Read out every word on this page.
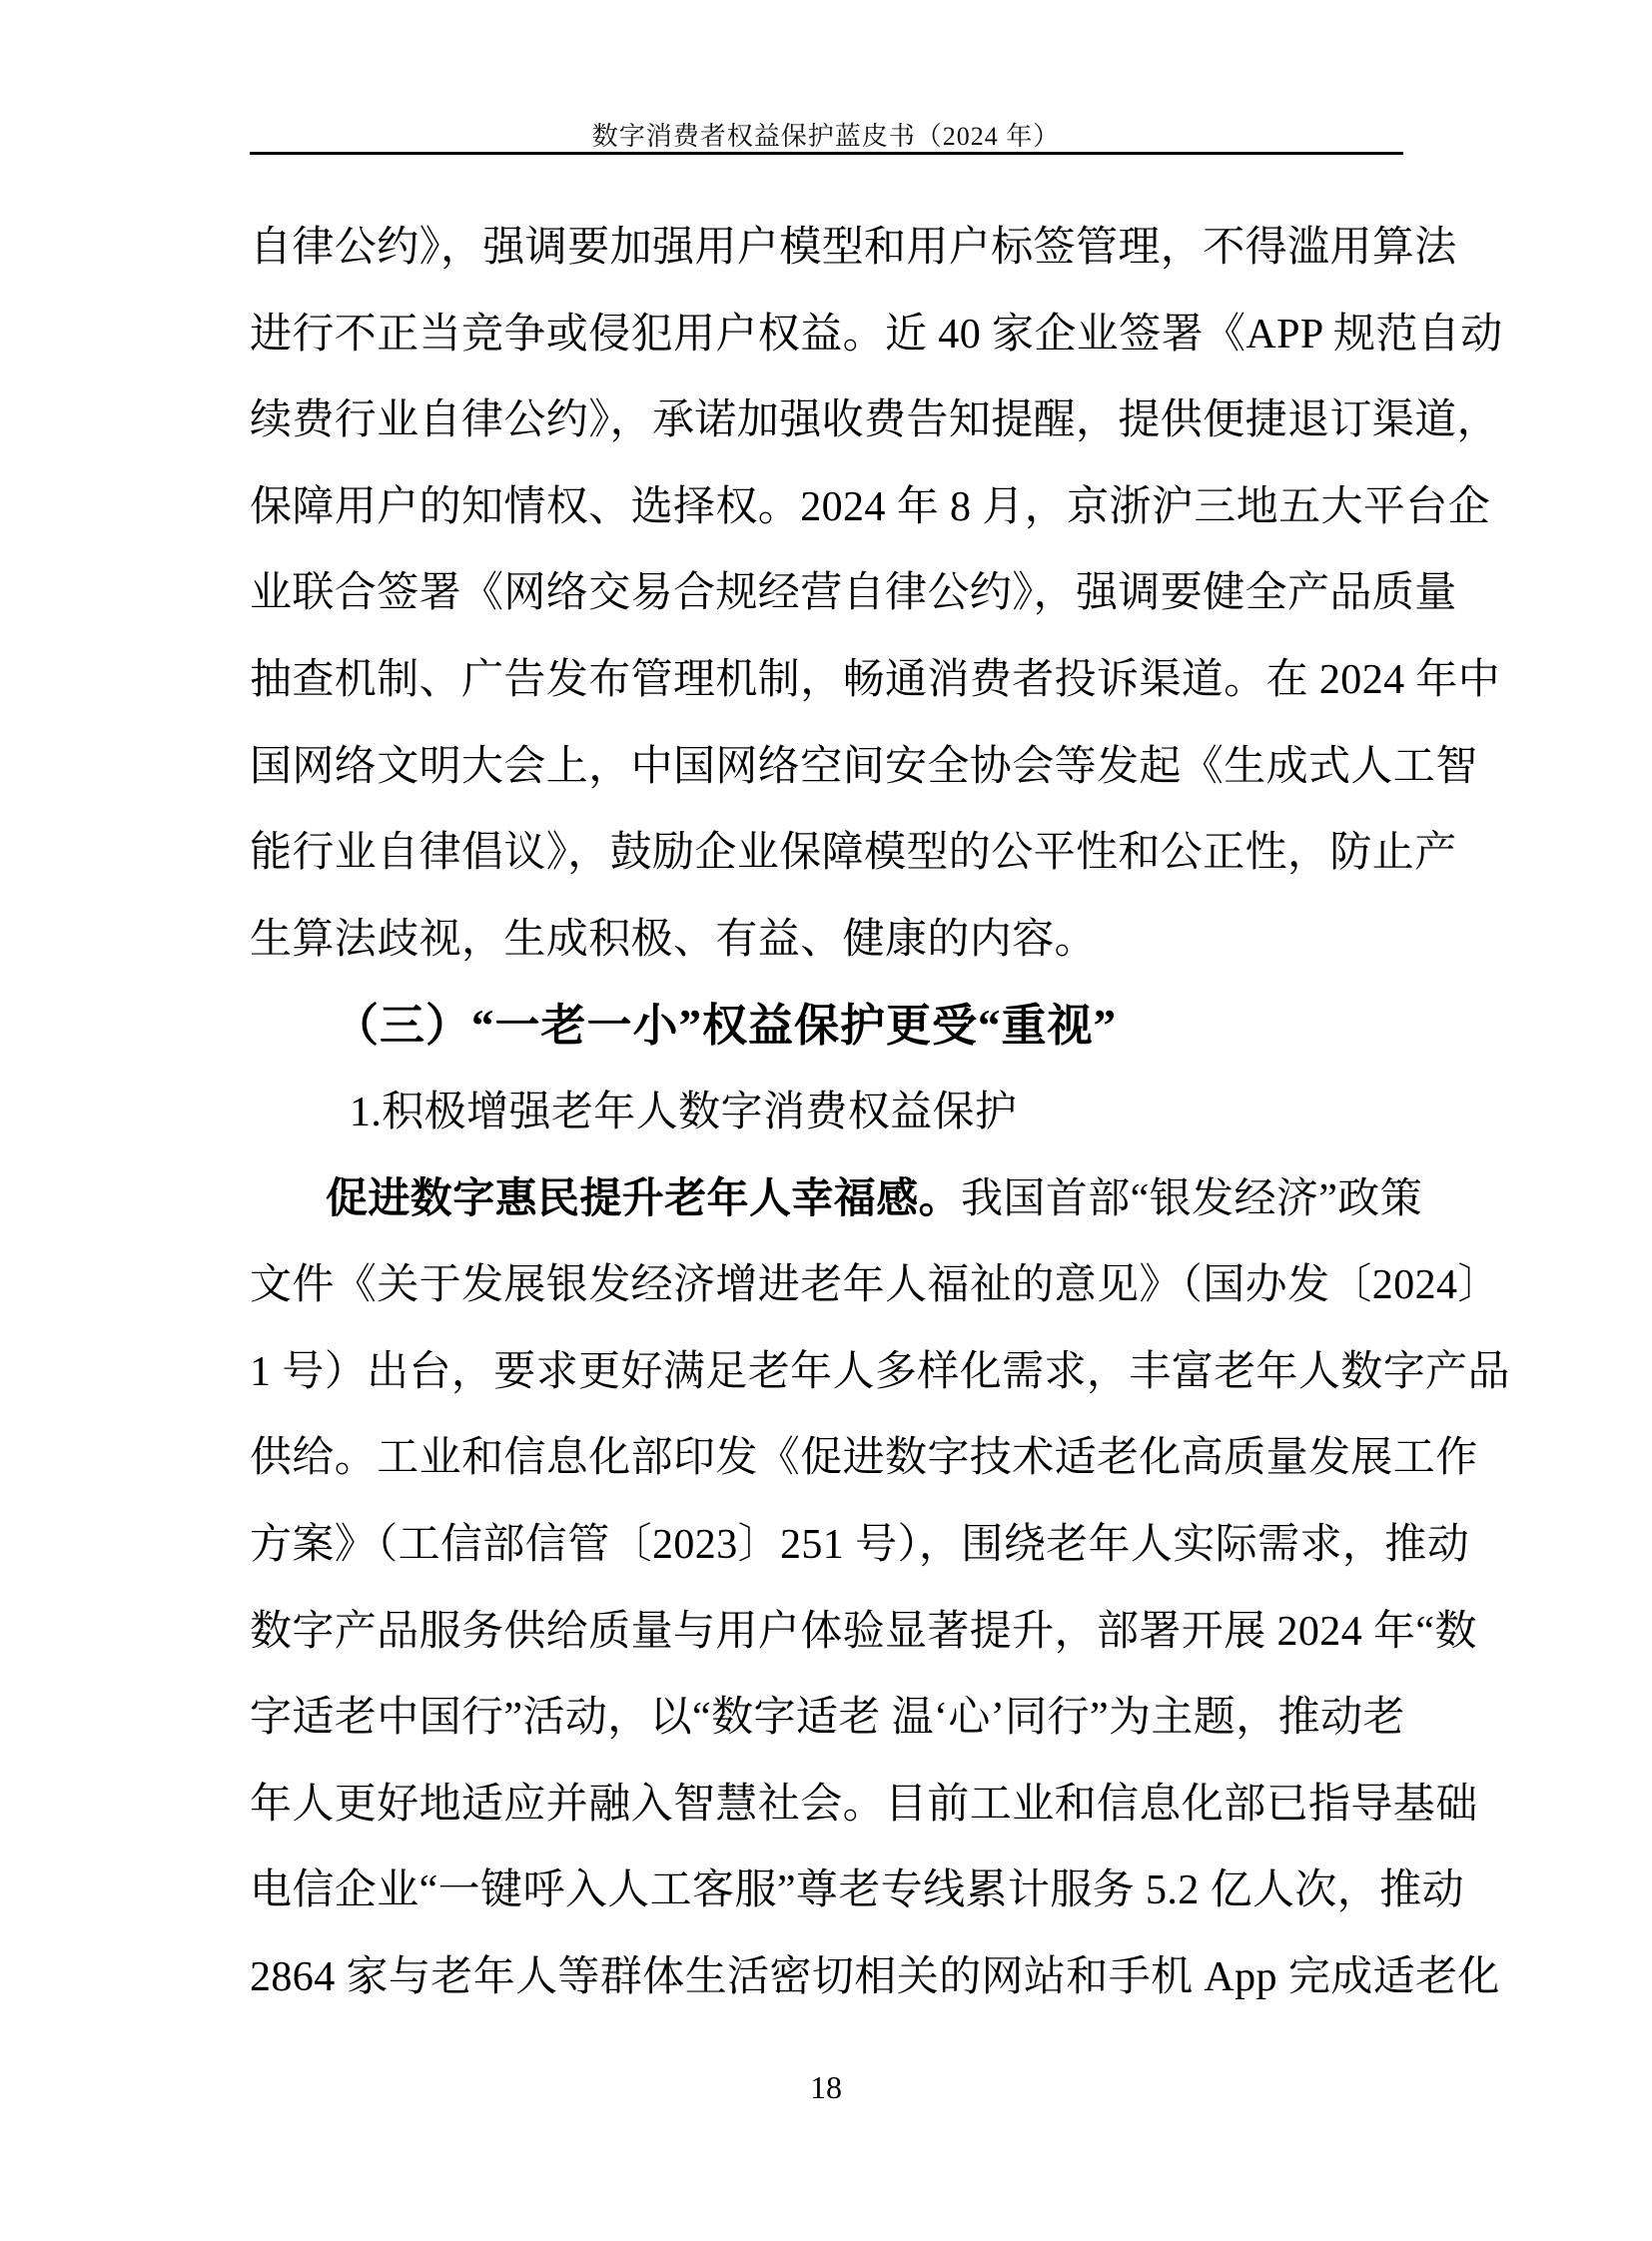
数字消费者权益保护蓝皮书（2024 年）
自律公约》，强调要加强用户模型和用户标签管理，不得滥用算法
进行不正当竞争或侵犯用户权益。近 40 家企业签署《APP 规范自动
续费行业自律公约》，承诺加强收费告知提醒，提供便捷退订渠道，
保障用户的知情权、选择权。2024 年 8 月，京浙沪三地五大平台企
业联合签署《网络交易合规经营自律公约》，强调要健全产品质量
抽查机制、广告发布管理机制，畅通消费者投诉渠道。在 2024 年中
国网络文明大会上，中国网络空间安全协会等发起《生成式人工智
能行业自律倡议》，鼓励企业保障模型的公平性和公正性，防止产
生算法歧视，生成积极、有益、健康的内容。
（三）“一老一小”权益保护更受“重视”
1.积极增强老年人数字消费权益保护
促进数字惠民提升老年人幸福感。我国首部“银发经济”政策
文件《关于发展银发经济增进老年人福祉的意见》（国办发〔2024〕
1 号）出台，要求更好满足老年人多样化需求，丰富老年人数字产品
供给。工业和信息化部印发《促进数字技术适老化高质量发展工作
方案》（工信部信管〔2023〕251 号），围绕老年人实际需求，推动
数字产品服务供给质量与用户体验显著提升，部署开展 2024 年“数
字适老中国行”活动，以“数字适老 温‘心’同行”为主题，推动老
年人更好地适应并融入智慧社会。目前工业和信息化部已指导基础
电信企业“一键呼入人工客服”尊老专线累计服务 5.2 亿人次，推动
2864 家与老年人等群体生活密切相关的网站和手机 App 完成适老化
18
